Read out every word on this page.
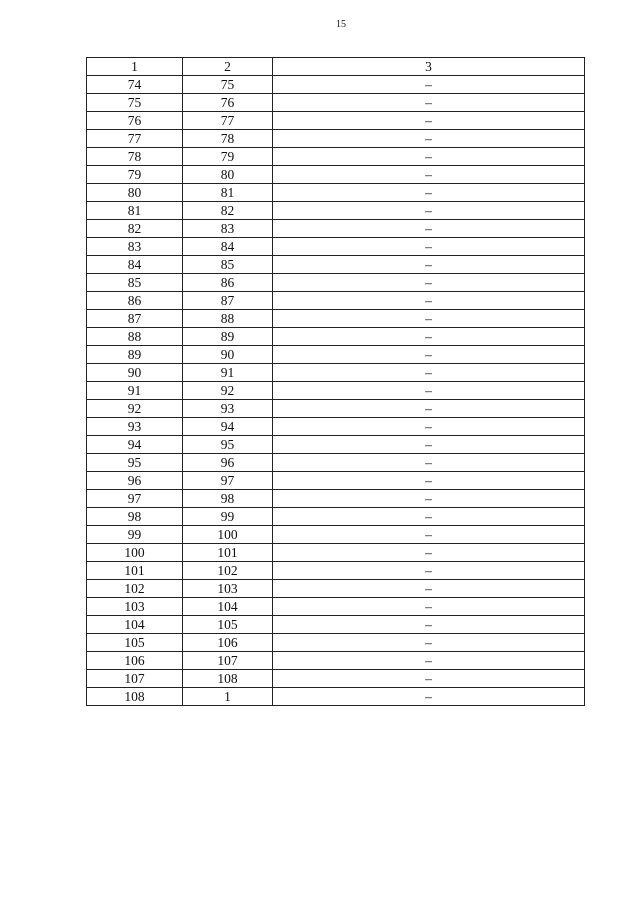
15
1	2	3
74	75	–
75	76	–
76	77	–
77	78	–
78	79	–
79	80	–
80	81	–
81	82	–
82	83	–
83	84	–
84	85	–
85	86	–
86	87	–
87	88	–
88	89	–
89	90	–
90	91	–
91	92	–
92	93	–
93	94	–
94	95	–
95	96	–
96	97	–
97	98	–
98	99	–
99	100	–
100	101	–
101	102	–
102	103	–
103	104	–
104	105	–
105	106	–
106	107	–
107	108	–
108	1	–
